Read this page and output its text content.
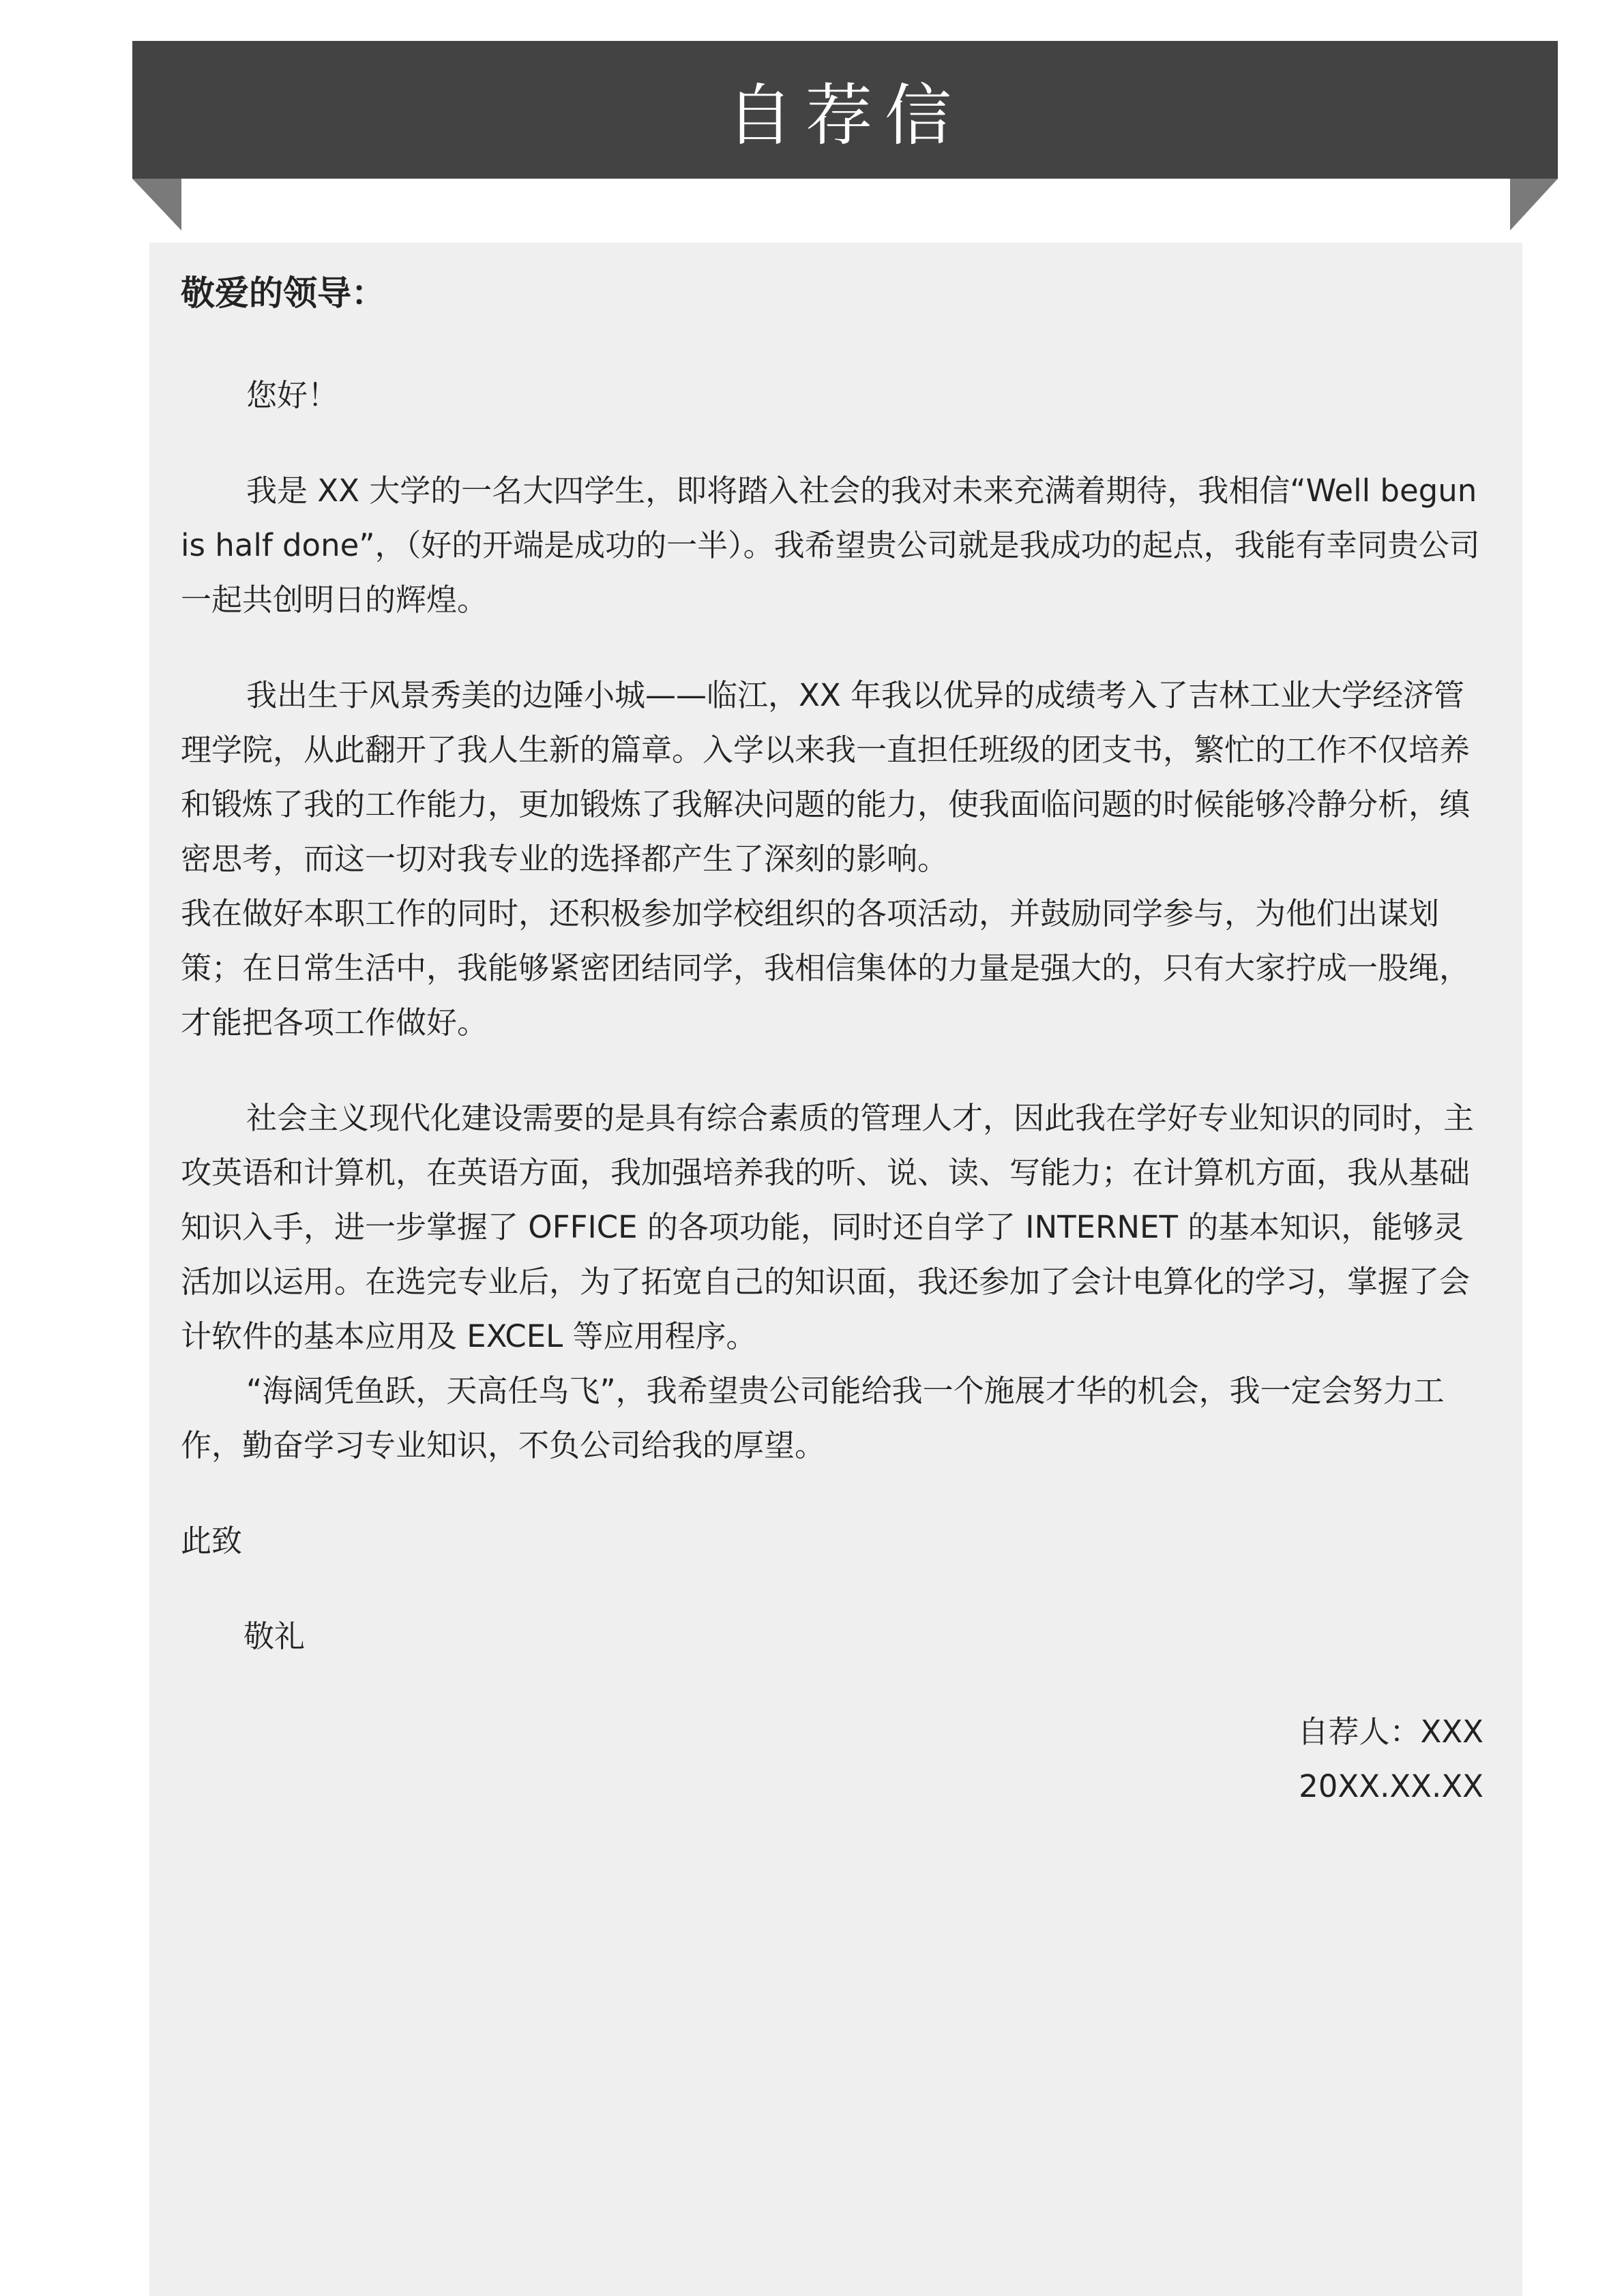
自荐信

敬爱的领导：

您好！

我是 XX 大学的一名大四学生，即将踏入社会的我对未来充满着期待，我相信“Well begun is half done”，（好的开端是成功的一半）。我希望贵公司就是我成功的起点，我能有幸同贵公司一起共创明日的辉煌。

我出生于风景秀美的边陲小城——临江，XX 年我以优异的成绩考入了吉林工业大学经济管理学院，从此翻开了我人生新的篇章。入学以来我一直担任班级的团支书，繁忙的工作不仅培养和锻炼了我的工作能力，更加锻炼了我解决问题的能力，使我面临问题的时候能够冷静分析，缜密思考，而这一切对我专业的选择都产生了深刻的影响。

我在做好本职工作的同时，还积极参加学校组织的各项活动，并鼓励同学参与，为他们出谋划策；在日常生活中，我能够紧密团结同学，我相信集体的力量是强大的，只有大家拧成一股绳，才能把各项工作做好。

社会主义现代化建设需要的是具有综合素质的管理人才，因此我在学好专业知识的同时，主攻英语和计算机，在英语方面，我加强培养我的听、说、读、写能力；在计算机方面，我从基础知识入手，进一步掌握了 OFFICE 的各项功能，同时还自学了 INTERNET 的基本知识，能够灵活加以运用。在选完专业后，为了拓宽自己的知识面，我还参加了会计电算化的学习，掌握了会计软件的基本应用及 EXCEL 等应用程序。

“海阔凭鱼跃，天高任鸟飞”，我希望贵公司能给我一个施展才华的机会，我一定会努力工作，勤奋学习专业知识，不负公司给我的厚望。

此致

敬礼

自荐人：XXX

20XX.XX.XX
